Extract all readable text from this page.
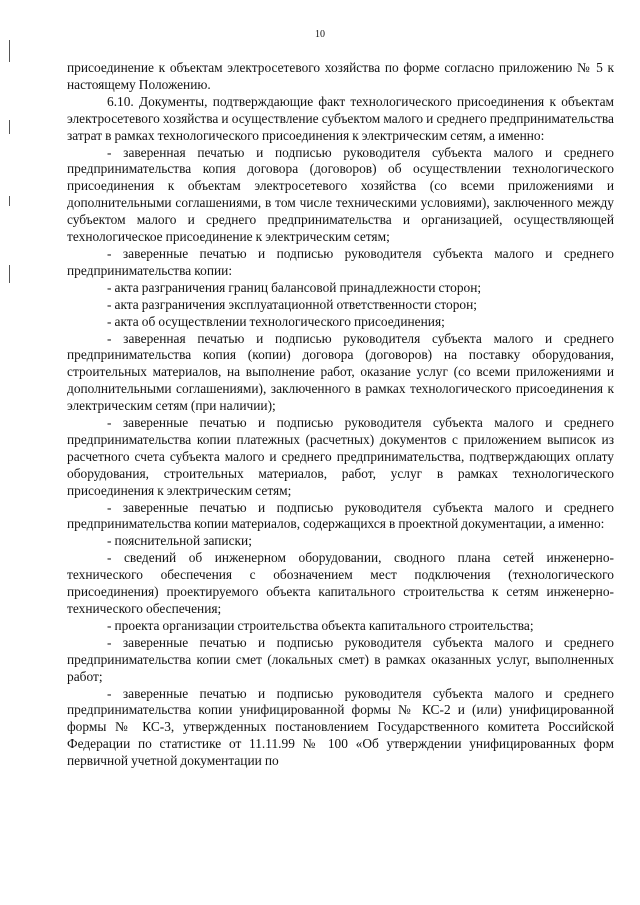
10

присоединение к объектам электросетевого хозяйства по форме согласно приложению № 5 к настоящему Положению.

6.10. Документы, подтверждающие факт технологического присоединения к объектам электросетевого хозяйства и осуществление субъектом малого и среднего предпринимательства затрат в рамках технологического присоединения к электрическим сетям, а именно:

- заверенная печатью и подписью руководителя субъекта малого и среднего предпринимательства копия договора (договоров) об осуществлении технологического присоединения к объектам электросетевого хозяйства (со всеми приложениями и дополнительными соглашениями, в том числе техническими условиями), заключенного между субъектом малого и среднего предпринимательства и организацией, осуществляющей технологическое присоединение к электрическим сетям;

- заверенные печатью и подписью руководителя субъекта малого и среднего предпринимательства копии:

- акта разграничения границ балансовой принадлежности сторон;

- акта разграничения эксплуатационной ответственности сторон;

- акта об осуществлении технологического присоединения;

- заверенная печатью и подписью руководителя субъекта малого и среднего предпринимательства копия (копии) договора (договоров) на поставку оборудования, строительных материалов, на выполнение работ, оказание услуг (со всеми приложениями и дополнительными соглашениями), заключенного в рамках технологического присоединения к электрическим сетям (при наличии);

- заверенные печатью и подписью руководителя субъекта малого и среднего предпринимательства копии платежных (расчетных) документов с приложением выписок из расчетного счета субъекта малого и среднего предпринимательства, подтверждающих оплату оборудования, строительных материалов, работ, услуг в рамках технологического присоединения к электрическим сетям;

- заверенные печатью и подписью руководителя субъекта малого и среднего предпринимательства копии материалов, содержащихся в проектной документации, а именно:

- пояснительной записки;

- сведений об инженерном оборудовании, сводного плана сетей инженерно-технического обеспечения с обозначением мест подключения (технологического присоединения) проектируемого объекта капитального строительства к сетям инженерно-технического обеспечения;

- проекта организации строительства объекта капитального строительства;

- заверенные печатью и подписью руководителя субъекта малого и среднего предпринимательства копии смет (локальных смет) в рамках оказанных услуг, выполненных работ;

- заверенные печатью и подписью руководителя субъекта малого и среднего предпринимательства копии унифицированной формы № КС-2 и (или) унифицированной формы № КС-3, утвержденных постановлением Государственного комитета Российской Федерации по статистике от 11.11.99 № 100 «Об утверждении унифицированных форм первичной учетной документации по
